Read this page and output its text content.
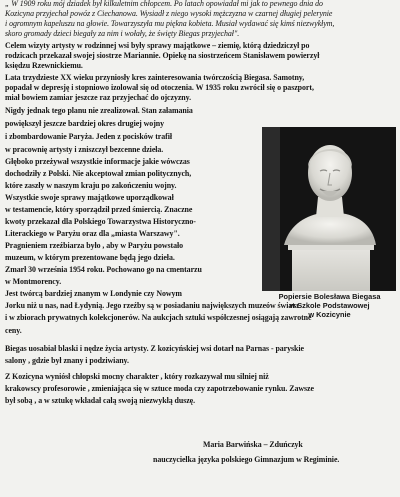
„ W 1909 roku mój dziadek był kilkuletnim chłopcem. Po latach opowiadał mi jak to pewnego dnia do
Kozicyna przyjechał powóz z Ciechanowa. Wysiadł z niego wysoki mężczyzna w czarnej długiej pelerynie
i ogromnym kapeluszu na głowie. Towarzyszyła mu piękna kobieta. Musiał wydawać się kimś niezwykłym,
skoro gromady dzieci biegały za nim i wołały, że święty Biegas przyjechał".
Celem wizyty artysty w rodzinnej wsi były sprawy majątkowe – ziemię, którą dziedziczył po
rodzicach przekazał swojej siostrze Mariannie. Opiekę na siostrzeńcem Stanisławem powierzył
księdzu Rzewnickiemu.
Lata trzydzieste XX wieku przyniosły kres zainteresowania twórczością Biegasa. Samotny,
popadał w depresję i stopniowo izolował się od otoczenia. W 1935 roku zwrócił się o paszport,
miał bowiem zamiar jeszcze raz przyjechać do ojczyzny.
Nigdy jednak tego planu nie zrealizował. Stan załamania
powiększył jeszcze bardziej okres drugiej wojny
i zbombardowanie Paryża. Jeden z pocisków trafił
w pracownię artysty i zniszczył bezcenne dzieła.
Głęboko przeżywał wszystkie informacje jakie wówczas
dochodziły z Polski. Nie akceptował zmian politycznych,
które zaszły w naszym kraju po zakończeniu wojny.
Wszystkie swoje sprawy majątkowe uporządkował
w testamencie, który sporządził przed śmiercią. Znaczne
kwoty przekazał dla Polskiego Towarzystwa Historyczno-
Literackiego w Paryżu oraz dla „miasta Warszawy".
Pragnieniem rzeźbiarza było , aby w Paryżu powstało
muzeum, w którym prezentowane będą jego dzieła.
Zmarł 30 września 1954 roku. Pochowano go na cmentarzu
w Montmorency.
Popiersie Bolesława Biegasa
w Szkole Podstawowej
w Kozicynie
Jest twórcą bardziej znanym w Londynie czy Nowym
Jorku niż u nas, nad Łydynią. Jego rzeźby są w posiadaniu największych muzeów świata
i w zbiorach prywatnych kolekcjonerów. Na aukcjach sztuki współczesnej osiągają zawrotne
ceny.
Biegas uosabiał blaski i nędze życia artysty. Z kozicyńskiej wsi dotarł na Parnas - paryskie
salony , gdzie był znany i podziwiany.
Z Kozicyna wyniósł chłopski mocny charakter , który rozkazywał mu silniej niż
krakowscy profesorowie , zmieniająca się w sztuce moda czy zapotrzebowanie rynku. Zawsze
był sobą , a w sztukę wkładał całą swoją niezwykłą duszę.
Maria Barwińska – Zduńczyk
nauczycielka języka polskiego Gimnazjum w Regiminie.
